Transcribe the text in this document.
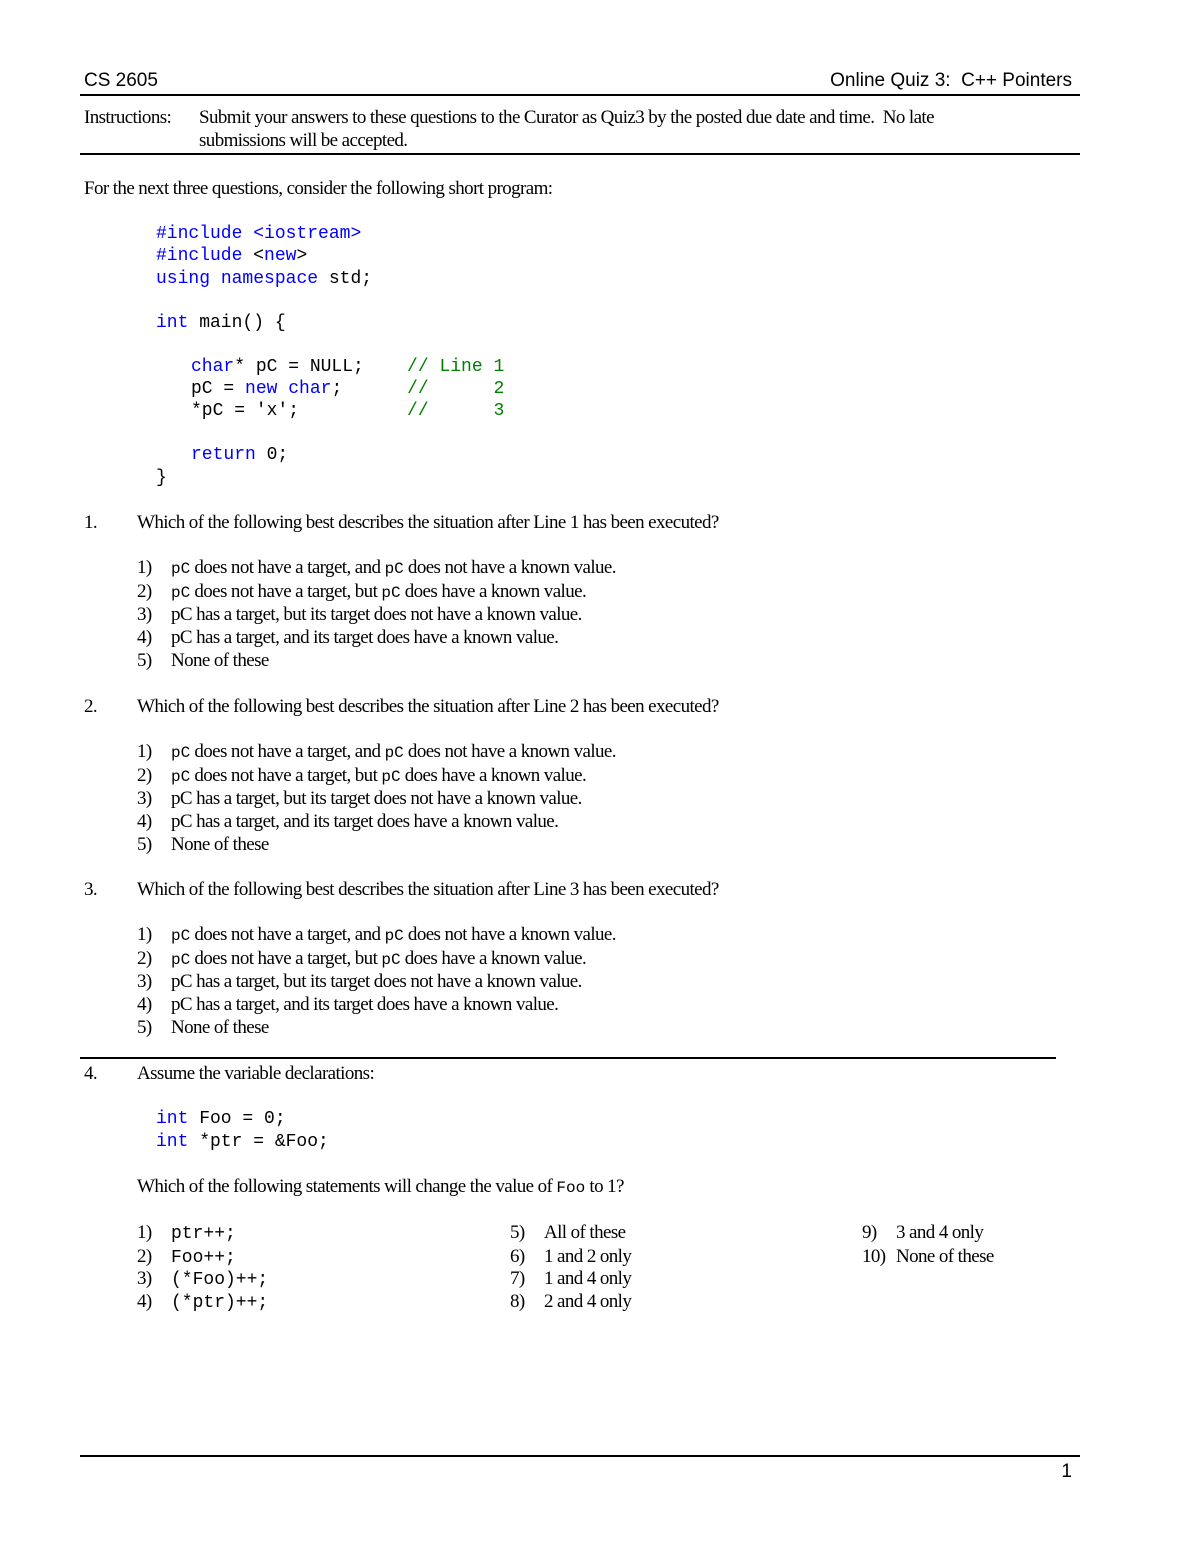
CS 2605	Online Quiz 3:  C++ Pointers
Instructions: Submit your answers to these questions to the Curator as Quiz3 by the posted due date and time.  No late
submissions will be accepted.
For the next three questions, consider the following short program:
#include <iostream>
#include <new>
using namespace std;
int main() {
char* pC = NULL;    // Line 1
pC = new char;      //      2
*pC = 'x';          //      3
return 0;
}
1. Which of the following best describes the situation after Line 1 has been executed?
1) pC does not have a target, and pC does not have a known value.
2) pC does not have a target, but pC does have a known value.
3) pC has a target, but its target does not have a known value.
4) pC has a target, and its target does have a known value.
5) None of these
2. Which of the following best describes the situation after Line 2 has been executed?
1) pC does not have a target, and pC does not have a known value.
2) pC does not have a target, but pC does have a known value.
3) pC has a target, but its target does not have a known value.
4) pC has a target, and its target does have a known value.
5) None of these
3. Which of the following best describes the situation after Line 3 has been executed?
1) pC does not have a target, and pC does not have a known value.
2) pC does not have a target, but pC does have a known value.
3) pC has a target, but its target does not have a known value.
4) pC has a target, and its target does have a known value.
5) None of these
4. Assume the variable declarations:
int Foo = 0;
int *ptr = &Foo;
Which of the following statements will change the value of Foo to 1?
1) ptr++;
2) Foo++;
3) (*Foo)++;
4) (*ptr)++;
5) All of these
6) 1 and 2 only
7) 1 and 4 only
8) 2 and 4 only
9) 3 and 4 only
10) None of these
1
